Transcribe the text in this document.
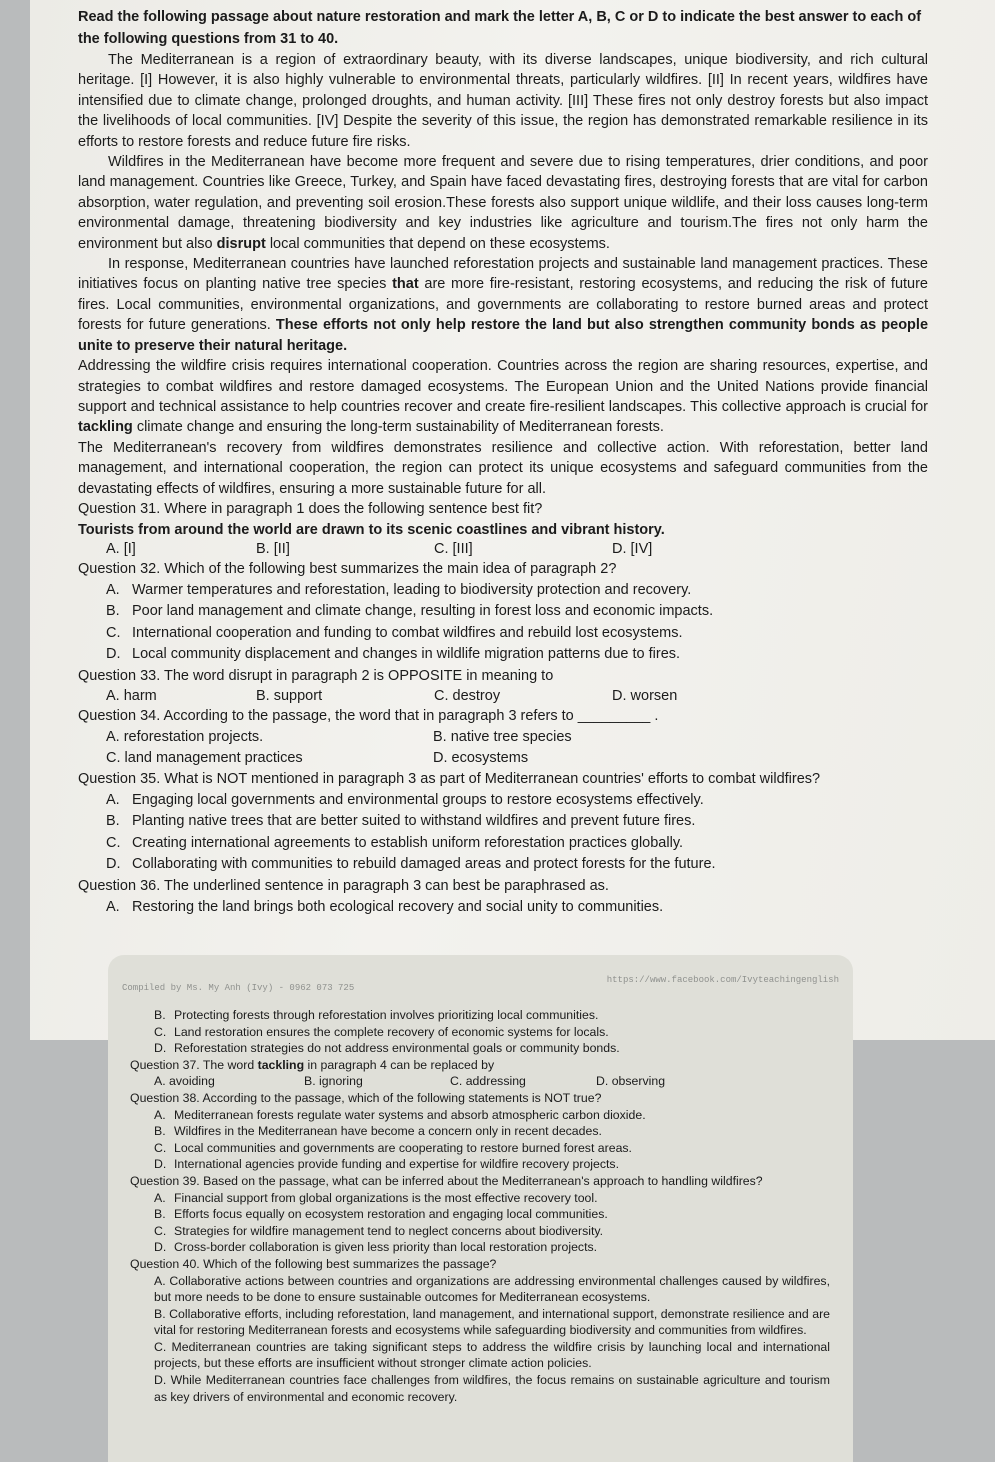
Read the following passage about nature restoration and mark the letter A, B, C or D to indicate the best answer to each of the following questions from 31 to 40.

The Mediterranean is a region of extraordinary beauty, with its diverse landscapes, unique biodiversity, and rich cultural heritage. [I] However, it is also highly vulnerable to environmental threats, particularly wildfires. [II] In recent years, wildfires have intensified due to climate change, prolonged droughts, and human activity. [III] These fires not only destroy forests but also impact the livelihoods of local communities. [IV] Despite the severity of this issue, the region has demonstrated remarkable resilience in its efforts to restore forests and reduce future fire risks.

Wildfires in the Mediterranean have become more frequent and severe due to rising temperatures, drier conditions, and poor land management. Countries like Greece, Turkey, and Spain have faced devastating fires, destroying forests that are vital for carbon absorption, water regulation, and preventing soil erosion.These forests also support unique wildlife, and their loss causes long-term environmental damage, threatening biodiversity and key industries like agriculture and tourism.The fires not only harm the environment but also disrupt local communities that depend on these ecosystems.

In response, Mediterranean countries have launched reforestation projects and sustainable land management practices. These initiatives focus on planting native tree species that are more fire-resistant, restoring ecosystems, and reducing the risk of future fires. Local communities, environmental organizations, and governments are collaborating to restore burned areas and protect forests for future generations. These efforts not only help restore the land but also strengthen community bonds as people unite to preserve their natural heritage.

Addressing the wildfire crisis requires international cooperation. Countries across the region are sharing resources, expertise, and strategies to combat wildfires and restore damaged ecosystems. The European Union and the United Nations provide financial support and technical assistance to help countries recover and create fire-resilient landscapes. This collective approach is crucial for tackling climate change and ensuring the long-term sustainability of Mediterranean forests.

The Mediterranean's recovery from wildfires demonstrates resilience and collective action. With reforestation, better land management, and international cooperation, the region can protect its unique ecosystems and safeguard communities from the devastating effects of wildfires, ensuring a more sustainable future for all.

Question 31. Where in paragraph 1 does the following sentence best fit?

Tourists from around the world are drawn to its scenic coastlines and vibrant history.

A. [I]	B. [II]	C. [III]	D. [IV]

Question 32. Which of the following best summarizes the main idea of paragraph 2?

A. Warmer temperatures and reforestation, leading to biodiversity protection and recovery.
B. Poor land management and climate change, resulting in forest loss and economic impacts.
C. International cooperation and funding to combat wildfires and rebuild lost ecosystems.
D. Local community displacement and changes in wildlife migration patterns due to fires.

Question 33. The word disrupt in paragraph 2 is OPPOSITE in meaning to

A. harm	B. support	C. destroy	D. worsen

Question 34. According to the passage, the word that in paragraph 3 refers to _________ .

A. reforestation projects.	B. native tree species
C. land management practices	D. ecosystems

Question 35. What is NOT mentioned in paragraph 3 as part of Mediterranean countries' efforts to combat wildfires?

A. Engaging local governments and environmental groups to restore ecosystems effectively.
B. Planting native trees that are better suited to withstand wildfires and prevent future fires.
C. Creating international agreements to establish uniform reforestation practices globally.
D. Collaborating with communities to rebuild damaged areas and protect forests for the future.

Question 36. The underlined sentence in paragraph 3 can best be paraphrased as.

A. Restoring the land brings both ecological recovery and social unity to communities.
Compiled by Ms. My Anh (Ivy) - 0962 073 725
https://www.facebook.com/Ivyteachingenglish
B. Protecting forests through reforestation involves prioritizing local communities.
C. Land restoration ensures the complete recovery of economic systems for locals.
D. Reforestation strategies do not address environmental goals or community bonds.

Question 37. The word tackling in paragraph 4 can be replaced by

A. avoiding	B. ignoring	C. addressing	D. observing

Question 38. According to the passage, which of the following statements is NOT true?

A. Mediterranean forests regulate water systems and absorb atmospheric carbon dioxide.
B. Wildfires in the Mediterranean have become a concern only in recent decades.
C. Local communities and governments are cooperating to restore burned forest areas.
D. International agencies provide funding and expertise for wildfire recovery projects.

Question 39. Based on the passage, what can be inferred about the Mediterranean's approach to handling wildfires?

A. Financial support from global organizations is the most effective recovery tool.
B. Efforts focus equally on ecosystem restoration and engaging local communities.
C. Strategies for wildfire management tend to neglect concerns about biodiversity.
D. Cross-border collaboration is given less priority than local restoration projects.

Question 40. Which of the following best summarizes the passage?

A. Collaborative actions between countries and organizations are addressing environmental challenges caused by wildfires, but more needs to be done to ensure sustainable outcomes for Mediterranean ecosystems.
B. Collaborative efforts, including reforestation, land management, and international support, demonstrate resilience and are vital for restoring Mediterranean forests and ecosystems while safeguarding biodiversity and communities from wildfires.
C. Mediterranean countries are taking significant steps to address the wildfire crisis by launching local and international projects, but these efforts are insufficient without stronger climate action policies.
D. While Mediterranean countries face challenges from wildfires, the focus remains on sustainable agriculture and tourism as key drivers of environmental and economic recovery.
